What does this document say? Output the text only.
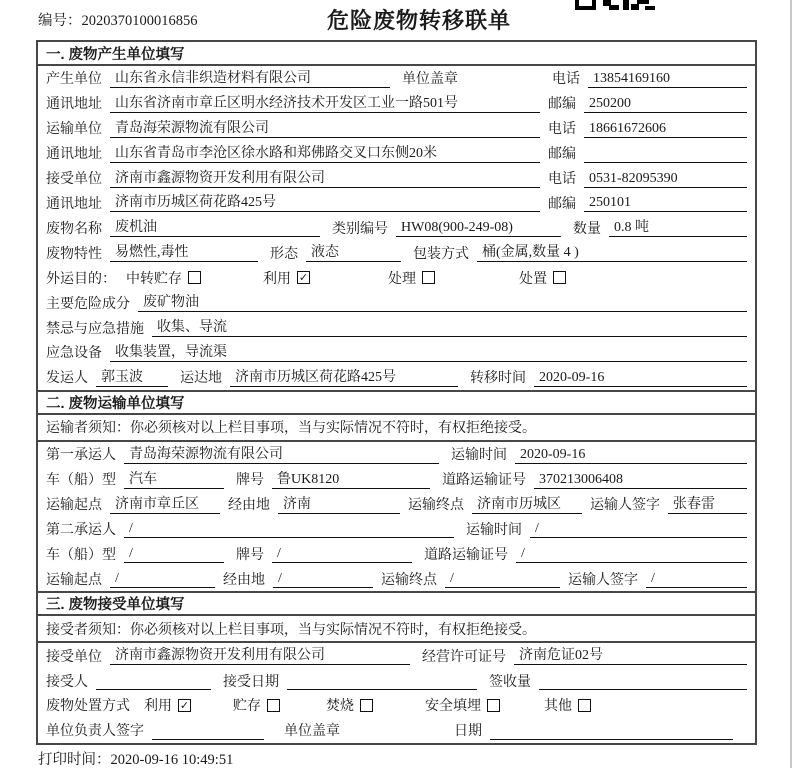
编号：2020370100016856	危险废物转移联单
一. 废物产生单位填写
产生单位 山东省永信非织造材料有限公司	单位盖章	电话 13854169160
通讯地址 山东省济南市章丘区明水经济技术开发区工业一路501号	邮编 250200
运输单位 青岛海荣源物流有限公司	电话 18661672606
通讯地址 山东省青岛市李沧区徐水路和郑佛路交叉口东侧20米	邮编
接受单位 济南市鑫源物资开发利用有限公司	电话 0531-82095390
通讯地址 济南市历城区荷花路425号	邮编 250101
废物名称 废机油	类别编号 HW08(900-249-08)	数量 0.8 吨
废物特性 易燃性,毒性	形态 液态	包装方式 桶(金属,数量 4 )
外运目的： 中转贮存	利用 ✓	处理	处置
主要危险成分 废矿物油
禁忌与应急措施 收集、导流
应急设备 收集装置，导流渠
发运人 郭玉波	运达地 济南市历城区荷花路425号	转移时间 2020-09-16
二. 废物运输单位填写
运输者须知：你必须核对以上栏目事项，当与实际情况不符时，有权拒绝接受。
第一承运人 青岛海荣源物流有限公司	运输时间 2020-09-16
车（船）型 汽车	牌号 鲁UK8120	道路运输证号 370213006408
运输起点 济南市章丘区	经由地 济南	运输终点 济南市历城区	运输人签字 张春雷
第二承运人 /	运输时间 /
车（船）型 /	牌号 /	道路运输证号 /
运输起点 /	经由地 /	运输终点 /	运输人签字 /
三. 废物接受单位填写
接受者须知：你必须核对以上栏目事项，当与实际情况不符时，有权拒绝接受。
接受单位 济南市鑫源物资开发利用有限公司	经营许可证号 济南危证02号
接受人	接受日期	签收量
废物处置方式 利用 ✓	贮存	焚烧	安全填埋	其他
单位负责人签字	单位盖章	日期
打印时间：2020-09-16 10:49:51
